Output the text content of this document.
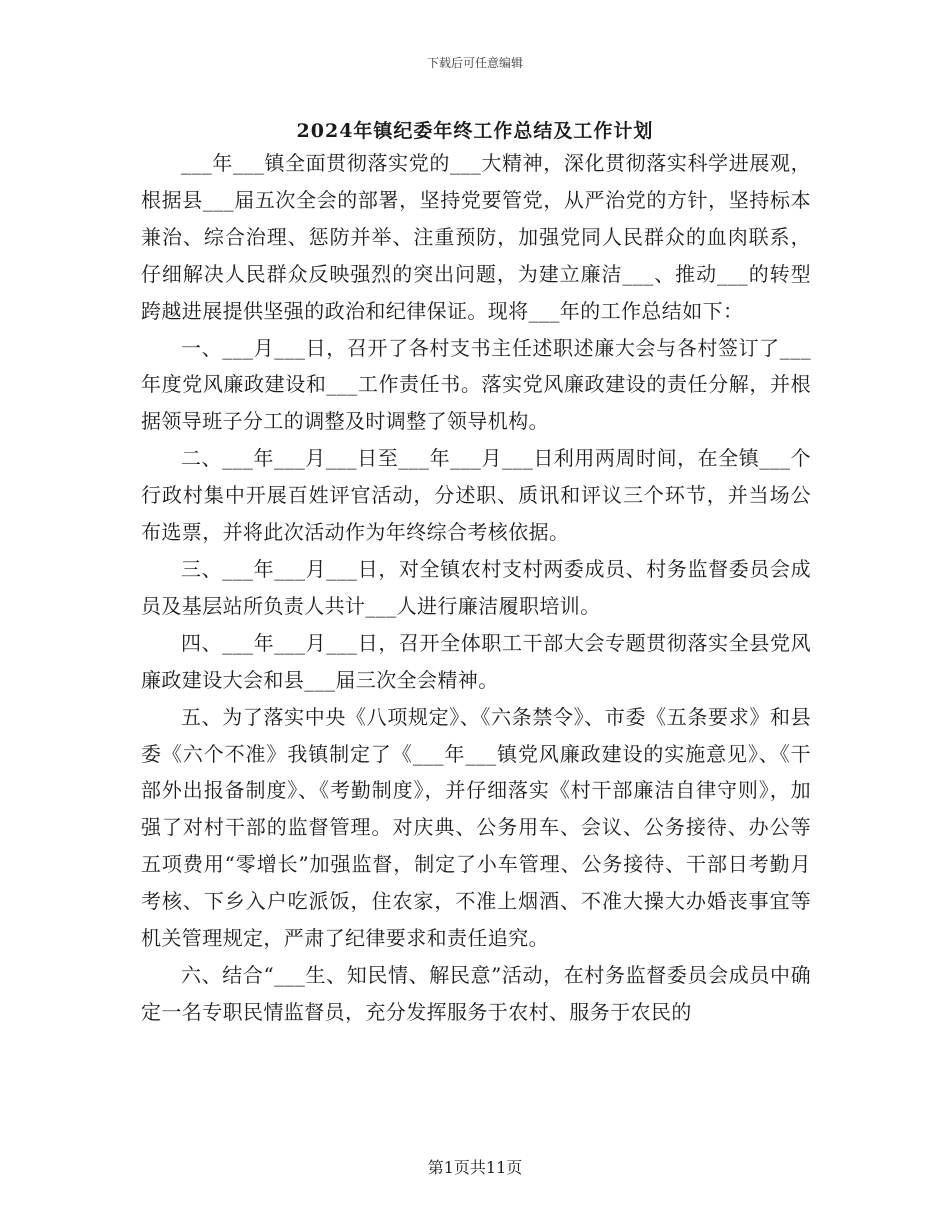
下载后可任意编辑
2024年镇纪委年终工作总结及工作计划

___年___镇全面贯彻落实党的___大精神，深化贯彻落实科学进展观，根据县___届五次全会的部署，坚持党要管党，从严治党的方针，坚持标本兼治、综合治理、惩防并举、注重预防，加强党同人民群众的血肉联系，仔细解决人民群众反映强烈的突出问题，为建立廉洁___、推动___的转型跨越进展提供坚强的政治和纪律保证。现将___年的工作总结如下：

一、___月___日，召开了各村支书主任述职述廉大会与各村签订了___年度党风廉政建设和___工作责任书。落实党风廉政建设的责任分解，并根据领导班子分工的调整及时调整了领导机构。

二、___年___月___日至___年___月___日利用两周时间，在全镇___个行政村集中开展百姓评官活动，分述职、质讯和评议三个环节，并当场公布选票，并将此次活动作为年终综合考核依据。

三、___年___月___日，对全镇农村支村两委成员、村务监督委员会成员及基层站所负责人共计___人进行廉洁履职培训。

四、___年___月___日，召开全体职工干部大会专题贯彻落实全县党风廉政建设大会和县___届三次全会精神。

五、为了落实中央《八项规定》、《六条禁令》、市委《五条要求》和县委《六个不准》我镇制定了《___年___镇党风廉政建设的实施意见》、《干部外出报备制度》、《考勤制度》，并仔细落实《村干部廉洁自律守则》，加强了对村干部的监督管理。对庆典、公务用车、会议、公务接待、办公等五项费用“零增长”加强监督，制定了小车管理、公务接待、干部日考勤月考核、下乡入户吃派饭，住农家，不准上烟酒、不准大操大办婚丧事宜等机关管理规定，严肃了纪律要求和责任追究。

六、结合“___生、知民情、解民意”活动，在村务监督委员会成员中确定一名专职民情监督员，充分发挥服务于农村、服务于农民的

第1页共11页
